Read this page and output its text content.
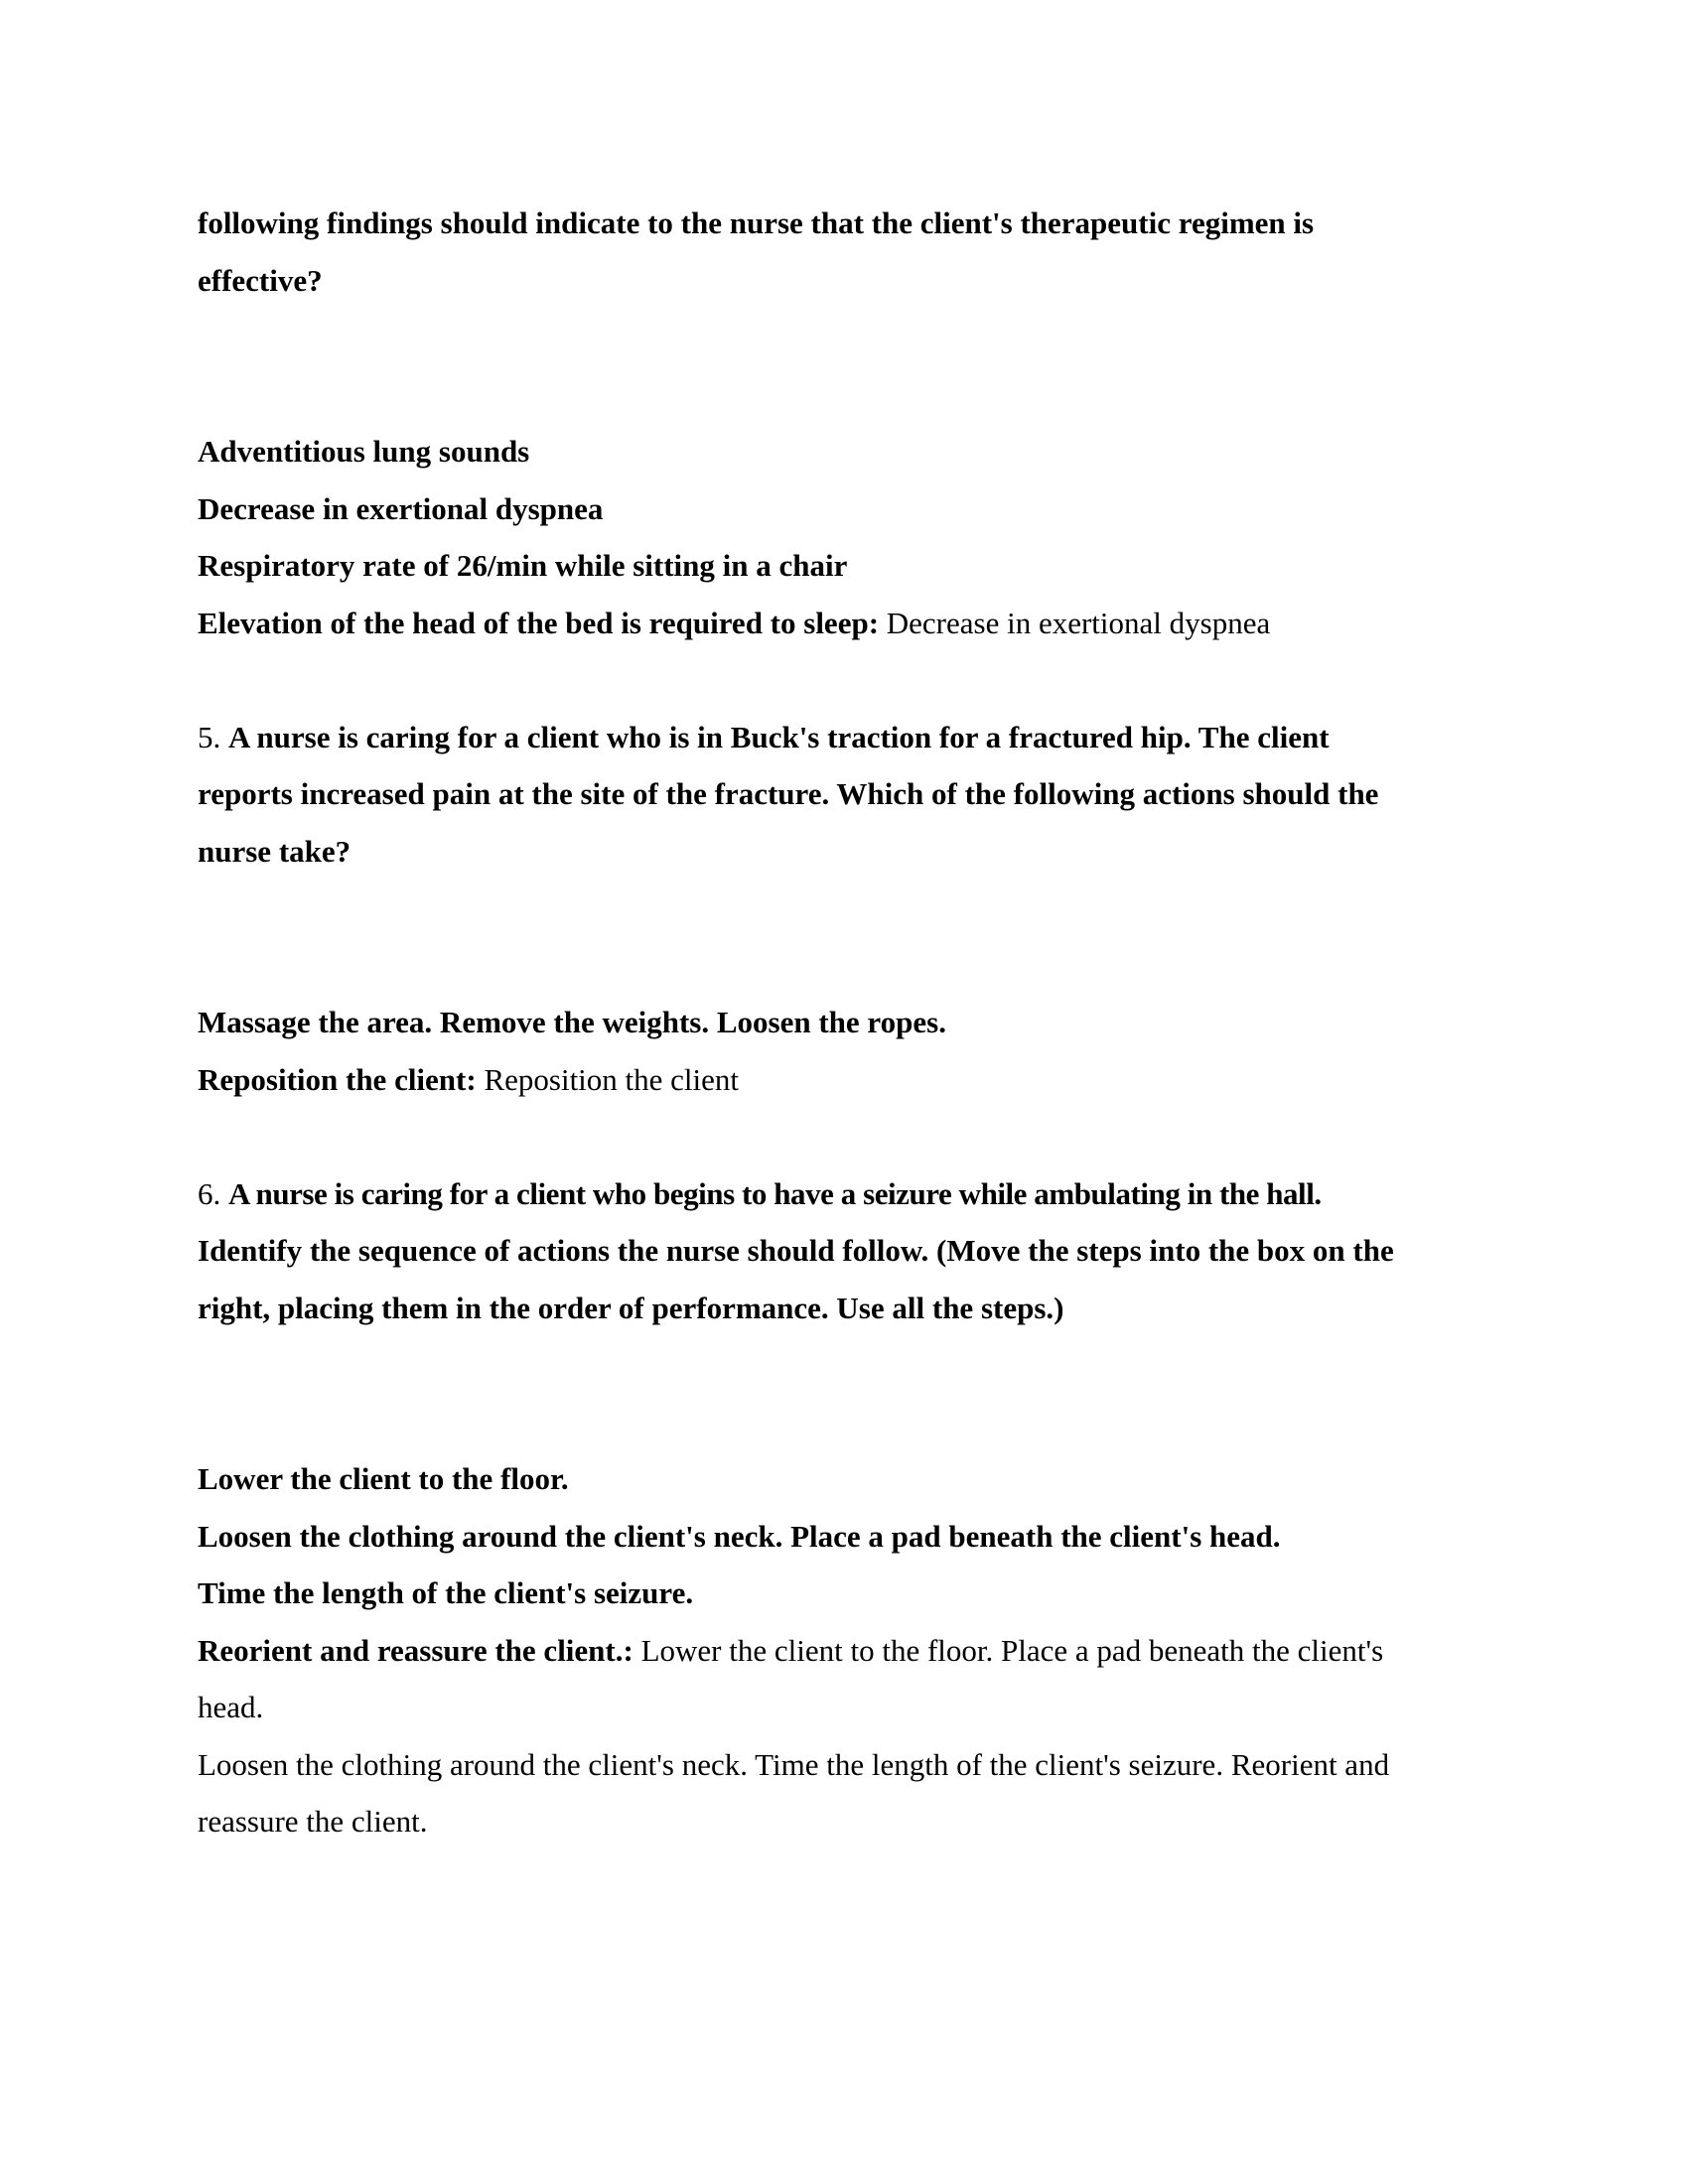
following findings should indicate to the nurse that the client's therapeutic regimen is

effective?

Adventitious lung sounds

Decrease in exertional dyspnea

Respiratory rate of 26/min while sitting in a chair

Elevation of the head of the bed is required to sleep: Decrease in exertional dyspnea

5. A nurse is caring for a client who is in Buck's traction for a fractured hip. The client

reports increased pain at the site of the fracture. Which of the following actions should the

nurse take?

Massage the area. Remove the weights. Loosen the ropes.

Reposition the client: Reposition the client

6. A nurse is caring for a client who begins to have a seizure while ambulating in the hall.

Identify the sequence of actions the nurse should follow. (Move the steps into the box on the

right, placing them in the order of performance. Use all the steps.)

Lower the client to the floor.

Loosen the clothing around the client's neck. Place a pad beneath the client's head.

Time the length of the client's seizure.

Reorient and reassure the client.: Lower the client to the floor. Place a pad beneath the client's

head.

Loosen the clothing around the client's neck. Time the length of the client's seizure. Reorient and

reassure the client.
